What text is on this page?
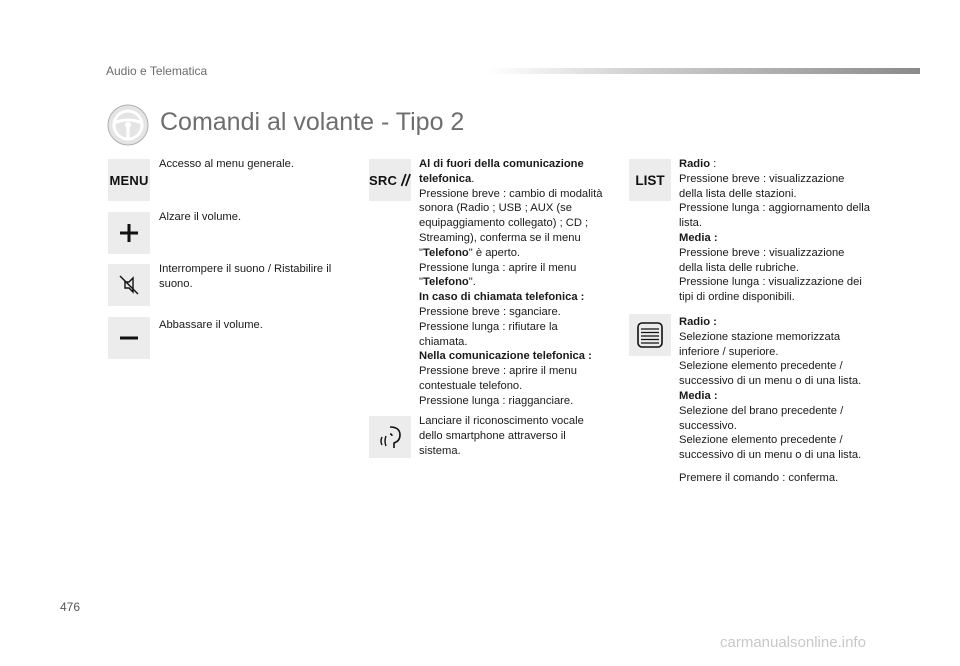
Audio e Telematica
Comandi al volante - Tipo 2
MENU
Accesso al menu generale.
Alzare il volume.
Interrompere il suono / Ristabilire il suono.
Abbassare il volume.
SRC

Al di fuori della comunicazione telefonica.

Pressione breve : cambio di modalità sonora (Radio ; USB ; AUX (se equipaggiamento collegato) ; CD ; Streaming), conferma se il menu "Telefono" è aperto.

Pressione lunga : aprire il menu "Telefono".

In caso di chiamata telefonica :

Pressione breve : sganciare.

Pressione lunga : rifiutare la chiamata.

Nella comunicazione telefonica :

Pressione breve : aprire il menu contestuale telefono.

Pressione lunga : riagganciare.

Lanciare il riconoscimento vocale dello smartphone attraverso il sistema.
LIST

Radio :

Pressione breve : visualizzazione della lista delle stazioni.

Pressione lunga : aggiornamento della lista.

Media :

Pressione breve : visualizzazione della lista delle rubriche.

Pressione lunga : visualizzazione dei tipi di ordine disponibili.

Radio :

Selezione stazione memorizzata inferiore / superiore.

Selezione elemento precedente / successivo di un menu o di una lista.

Media :

Selezione del brano precedente / successivo.

Selezione elemento precedente / successivo di un menu o di una lista.

Premere il comando : conferma.

476
carmanualsonline.info
